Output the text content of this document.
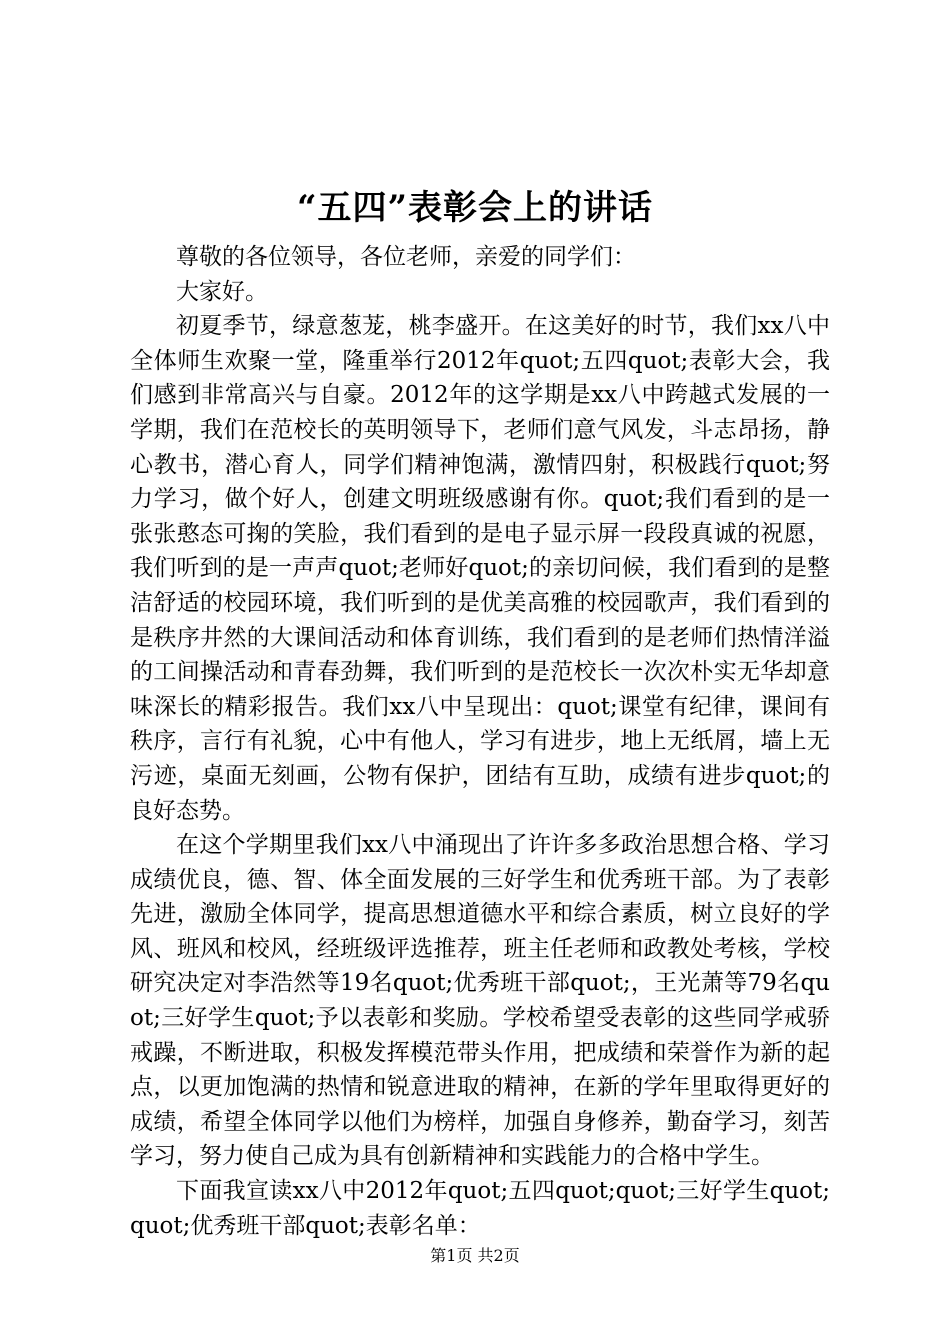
“五四”表彰会上的讲话

尊敬的各位领导，各位老师，亲爱的同学们：

大家好。

初夏季节，绿意葱茏，桃李盛开。在这美好的时节，我们xx八中全体师生欢聚一堂，隆重举行2012年quot;五四quot;表彰大会，我们感到非常高兴与自豪。2012年的这学期是xx八中跨越式发展的一学期，我们在范校长的英明领导下，老师们意气风发，斗志昂扬，静心教书，潜心育人，同学们精神饱满，激情四射，积极践行quot;努力学习，做个好人，创建文明班级感谢有你。quot;我们看到的是一张张憨态可掬的笑脸，我们看到的是电子显示屏一段段真诚的祝愿，我们听到的是一声声quot;老师好quot;的亲切问候，我们看到的是整洁舒适的校园环境，我们听到的是优美高雅的校园歌声，我们看到的是秩序井然的大课间活动和体育训练，我们看到的是老师们热情洋溢的工间操活动和青春劲舞，我们听到的是范校长一次次朴实无华却意味深长的精彩报告。我们xx八中呈现出：quot;课堂有纪律，课间有秩序，言行有礼貌，心中有他人，学习有进步，地上无纸屑，墙上无污迹，桌面无刻画，公物有保护，团结有互助，成绩有进步quot;的良好态势。

在这个学期里我们xx八中涌现出了许许多多政治思想合格、学习成绩优良，德、智、体全面发展的三好学生和优秀班干部。为了表彰先进，激励全体同学，提高思想道德水平和综合素质，树立良好的学风、班风和校风，经班级评选推荐，班主任老师和政教处考核，学校研究决定对李浩然等19名quot;优秀班干部quot;，王光萧等79名quot;三好学生quot;予以表彰和奖励。学校希望受表彰的这些同学戒骄戒躁，不断进取，积极发挥模范带头作用，把成绩和荣誉作为新的起点，以更加饱满的热情和锐意进取的精神，在新的学年里取得更好的成绩，希望全体同学以他们为榜样，加强自身修养，勤奋学习，刻苦学习，努力使自己成为具有创新精神和实践能力的合格中学生。

下面我宣读xx八中2012年quot;五四quot;quot;三好学生quot;quot;优秀班干部quot;表彰名单：

第1页 共2页
